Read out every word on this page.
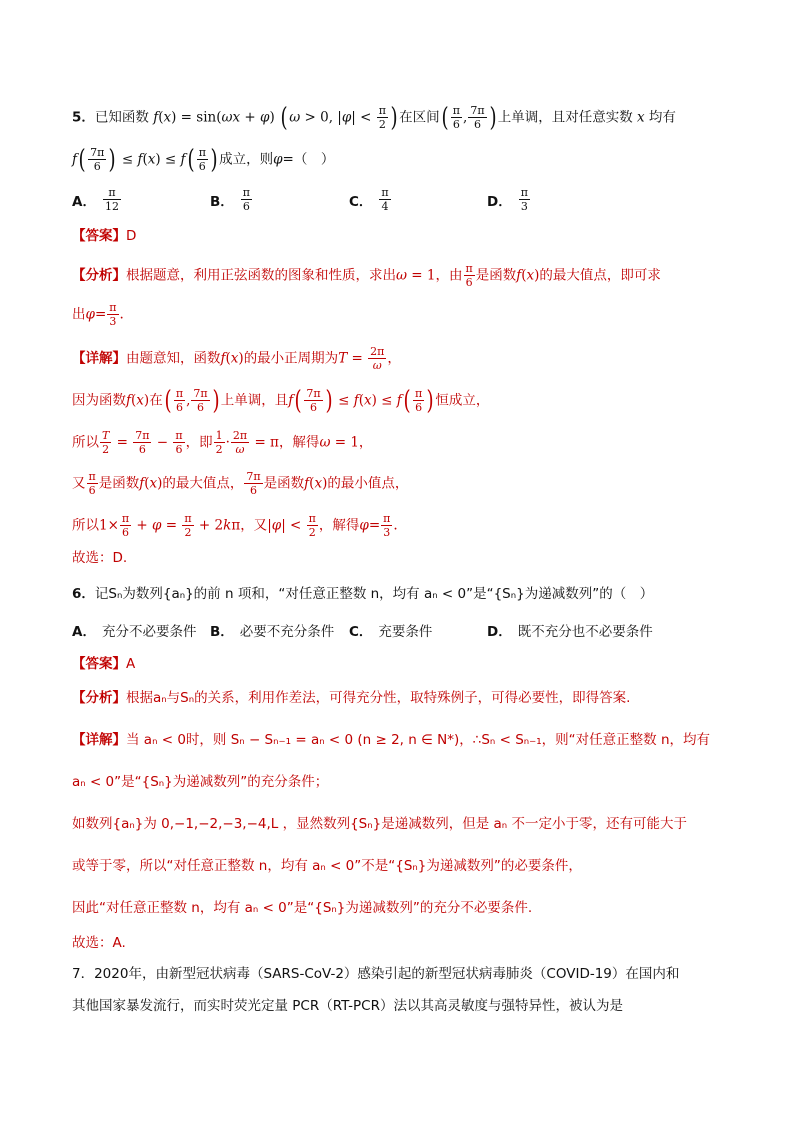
5．已知函数 f(x) = sin(ωx + φ) ( ω > 0, $|\varphi| < \frac{\pi}{2}$ ) 在区间( $\frac{\pi}{6}$ , $\frac{7\pi}{6}$ ) 上单调，且对任意实数 x 均有
$f( \frac{7\pi}{6}$ ) ≤ $f(x) \le f( \frac{\pi}{6}$ ) 成立，则φ=（　）
A． $\frac{\pi}{12}$	B． $\frac{\pi}{6}$	C． $\frac{\pi}{4}$	D． $\frac{\pi}{3}$
【答案】D
【分析】根据题意，利用正弦函数的图象和性质，求出ω = 1，由 $\frac{\pi}{6}$ 是函数f(x)的最大值点，即可求
出$\varphi= \frac{\pi}{3}$ .
【详解】由题意知，函数f(x)的最小正周期为$T = \frac{2\pi}{\omega}$ ，
因为函数f(x)在( $\frac{\pi}{6}$ , $\frac{7\pi}{6}$ ) 上单调，且$f( \frac{7\pi}{6}$ ) ≤ $f(x) \le f( \frac{\pi}{6}$ ) 恒成立，
所以 $\frac{T}{2} = \frac{7\pi}{6} - \frac{\pi}{6}$ ，即 $\frac{1}{2} \cdot \frac{2\pi}{\omega} = \pi$，解得ω = 1，
又 $\frac{\pi}{6}$ 是函数f(x)的最大值点， $\frac{7\pi}{6}$ 是函数f(x)的最小值点，
所以$1\times \frac{\pi}{6} + \varphi = \frac{\pi}{2} + 2k\pi$，又$|\varphi| < \frac{\pi}{2}$ ，解得$\varphi= \frac{\pi}{3}$ .
故选：D.
6．记Sₙ为数列{aₙ}的前 n 项和，“对任意正整数 n，均有 aₙ < 0”是“{Sₙ}为递减数列”的（　）
A． 充分不必要条件 B． 必要不充分条件 C． 充要条件	D． 既不充分也不必要条件
【答案】A
【分析】根据aₙ与Sₙ的关系，利用作差法，可得充分性，取特殊例子，可得必要性，即得答案.
【详解】当 aₙ < 0时，则 Sₙ − Sₙ₋₁ = aₙ < 0 (n ≥ 2, n ∈ N*)，∴Sₙ < Sₙ₋₁，则“对任意正整数 n，均有
aₙ < 0”是“{Sₙ}为递减数列”的充分条件；
如数列{aₙ}为 0,−1,−2,−3,−4,L ，显然数列{Sₙ}是递减数列，但是 aₙ 不一定小于零，还有可能大于
或等于零，所以“对任意正整数 n，均有 aₙ < 0”不是“{Sₙ}为递减数列”的必要条件，
因此“对任意正整数 n，均有 aₙ < 0”是“{Sₙ}为递减数列”的充分不必要条件.
故选：A.
7．2020年，由新型冠状病毒（SARS-CoV-2）感染引起的新型冠状病毒肺炎（COVID-19）在国内和
其他国家暴发流行，而实时荧光定量 PCR（RT-PCR）法以其高灵敏度与强特异性，被认为是
